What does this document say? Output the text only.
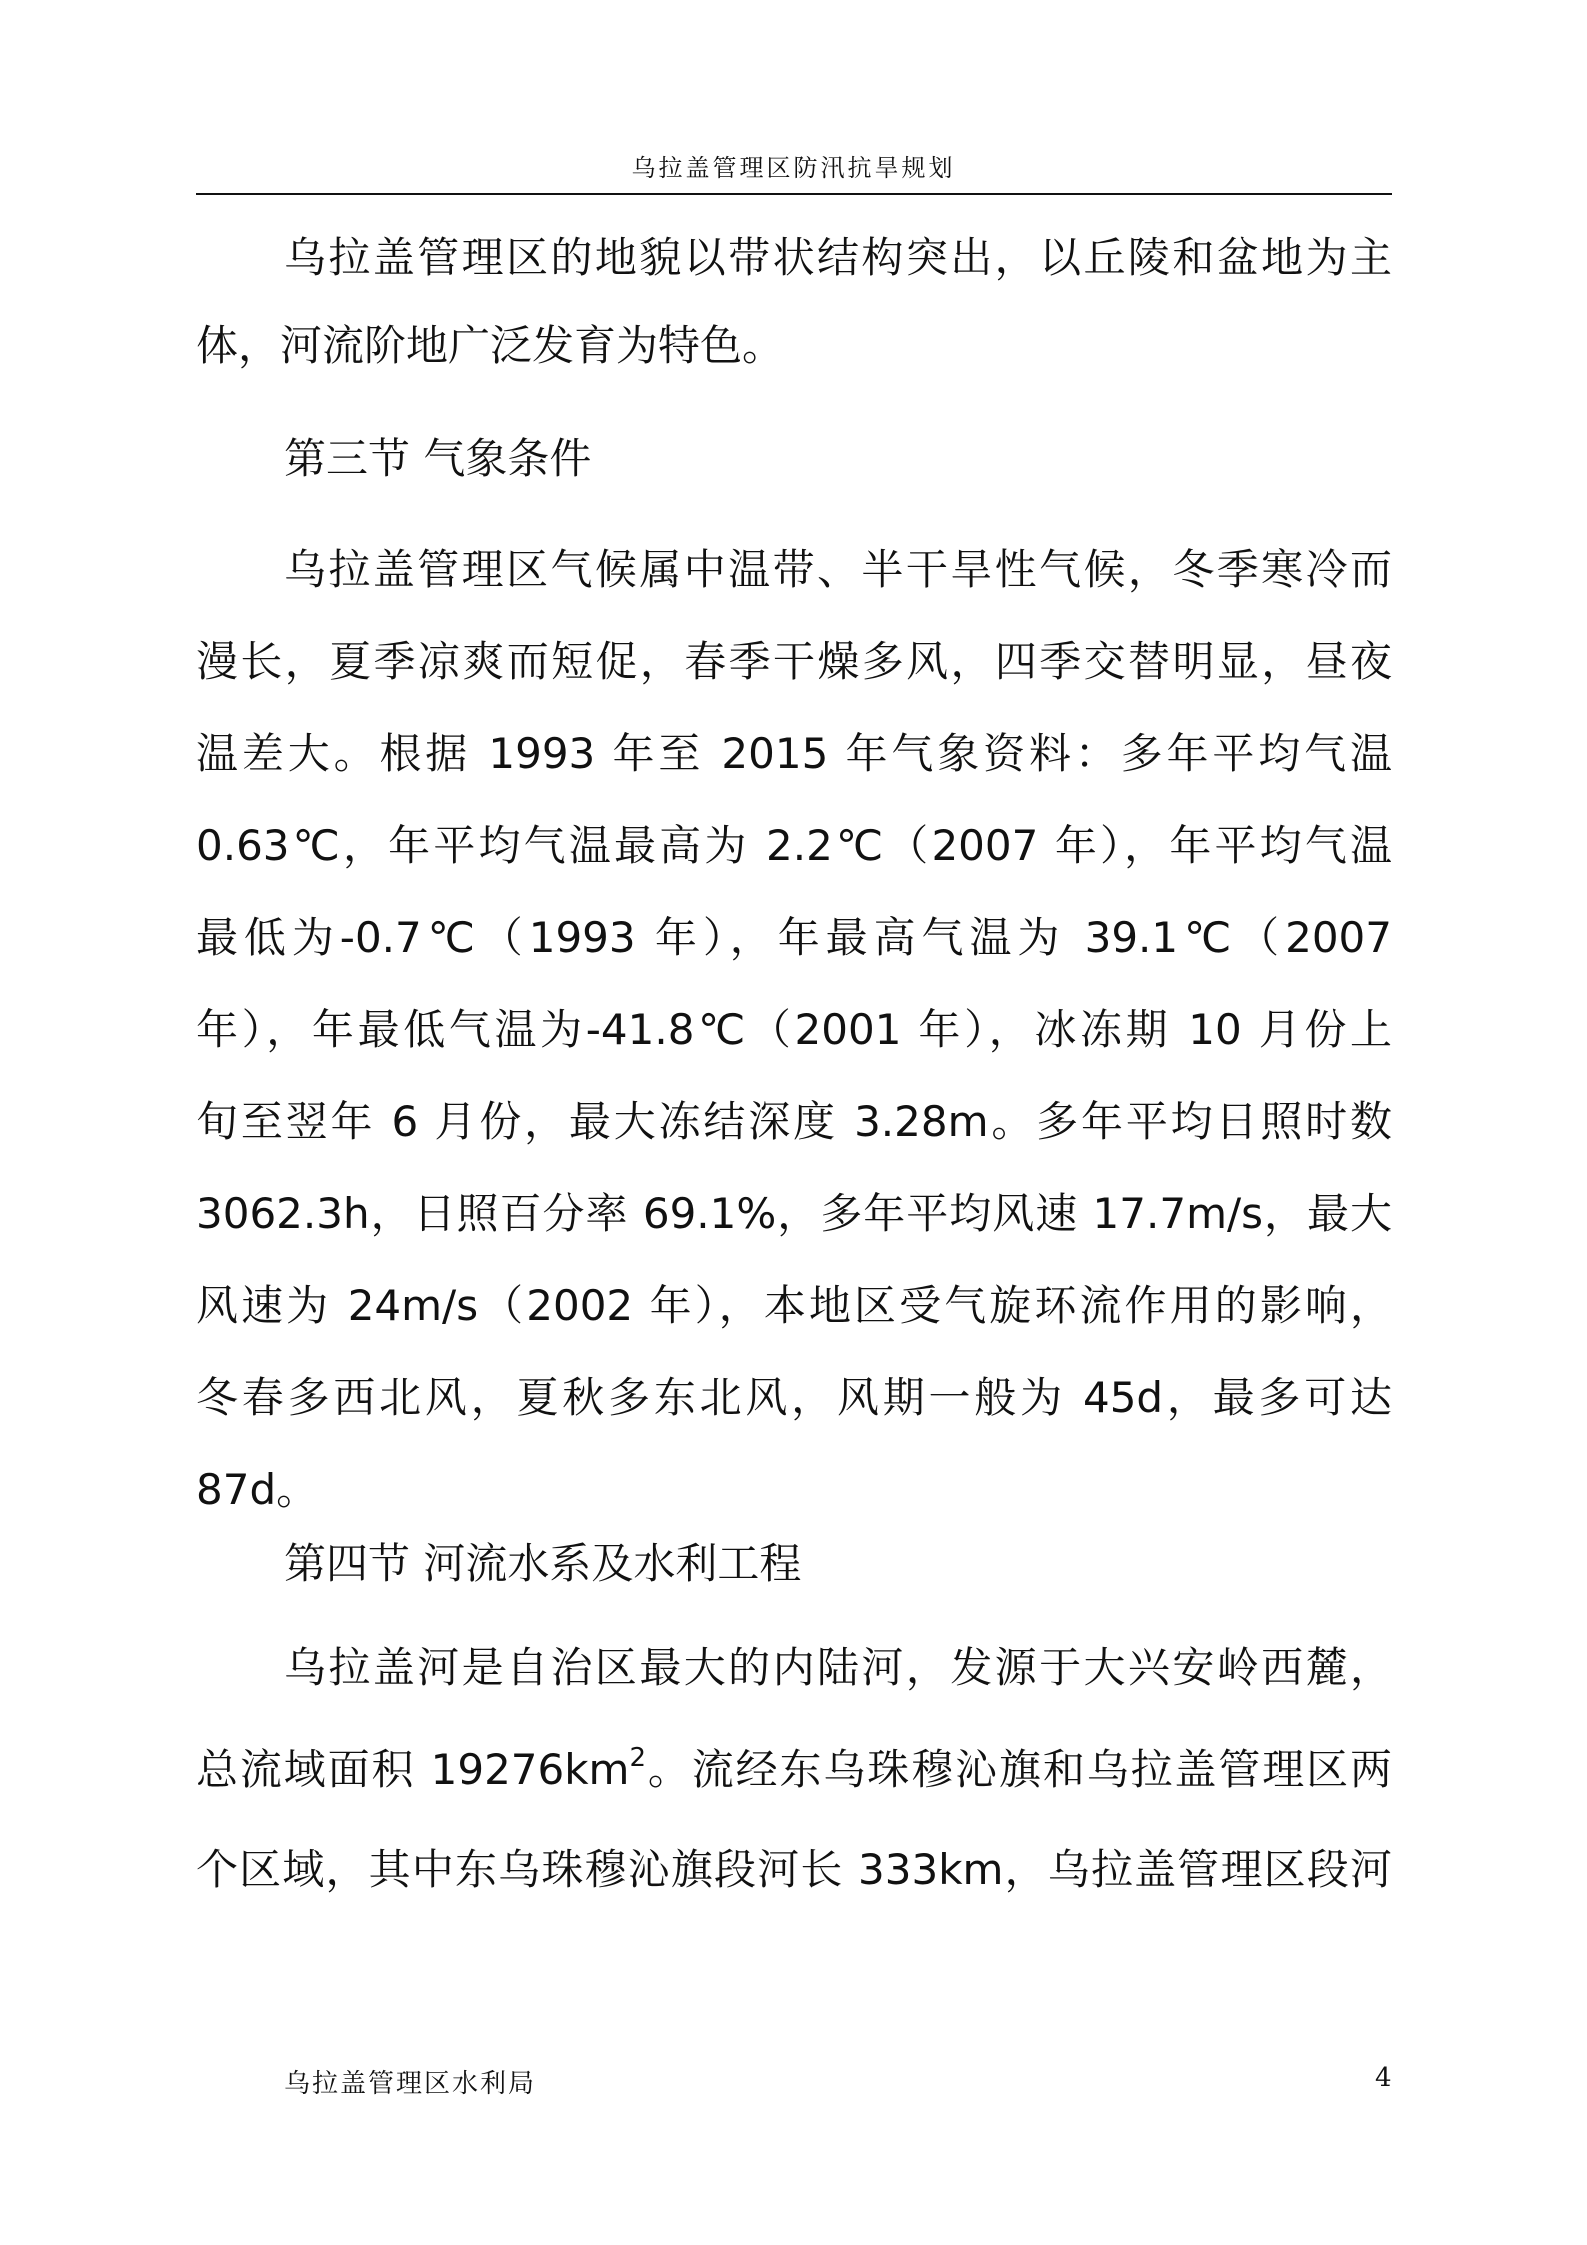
乌拉盖管理区防汛抗旱规划
乌拉盖管理区的地貌以带状结构突出，以丘陵和盆地为主
体，河流阶地广泛发育为特色。
第三节 气象条件
乌拉盖管理区气候属中温带、半干旱性气候，冬季寒冷而
漫长，夏季凉爽而短促，春季干燥多风，四季交替明显，昼夜
温差大。根据 1993 年至 2015 年气象资料：多年平均气温
0.63℃，年平均气温最高为 2.2℃（2007 年），年平均气温
最低为-0.7℃（1993 年），年最高气温为 39.1℃（2007
年），年最低气温为-41.8℃（2001 年），冰冻期 10 月份上
旬至翌年 6 月份，最大冻结深度 3.28m。多年平均日照时数
3062.3h，日照百分率 69.1%，多年平均风速 17.7m/s，最大
风速为 24m/s（2002 年），本地区受气旋环流作用的影响，
冬春多西北风，夏秋多东北风，风期一般为 45d，最多可达
87d。
第四节 河流水系及水利工程
乌拉盖河是自治区最大的内陆河，发源于大兴安岭西麓，
总流域面积 $19276km^2$。流经东乌珠穆沁旗和乌拉盖管理区两
个区域，其中东乌珠穆沁旗段河长 333km，乌拉盖管理区段河
乌拉盖管理区水利局	4
